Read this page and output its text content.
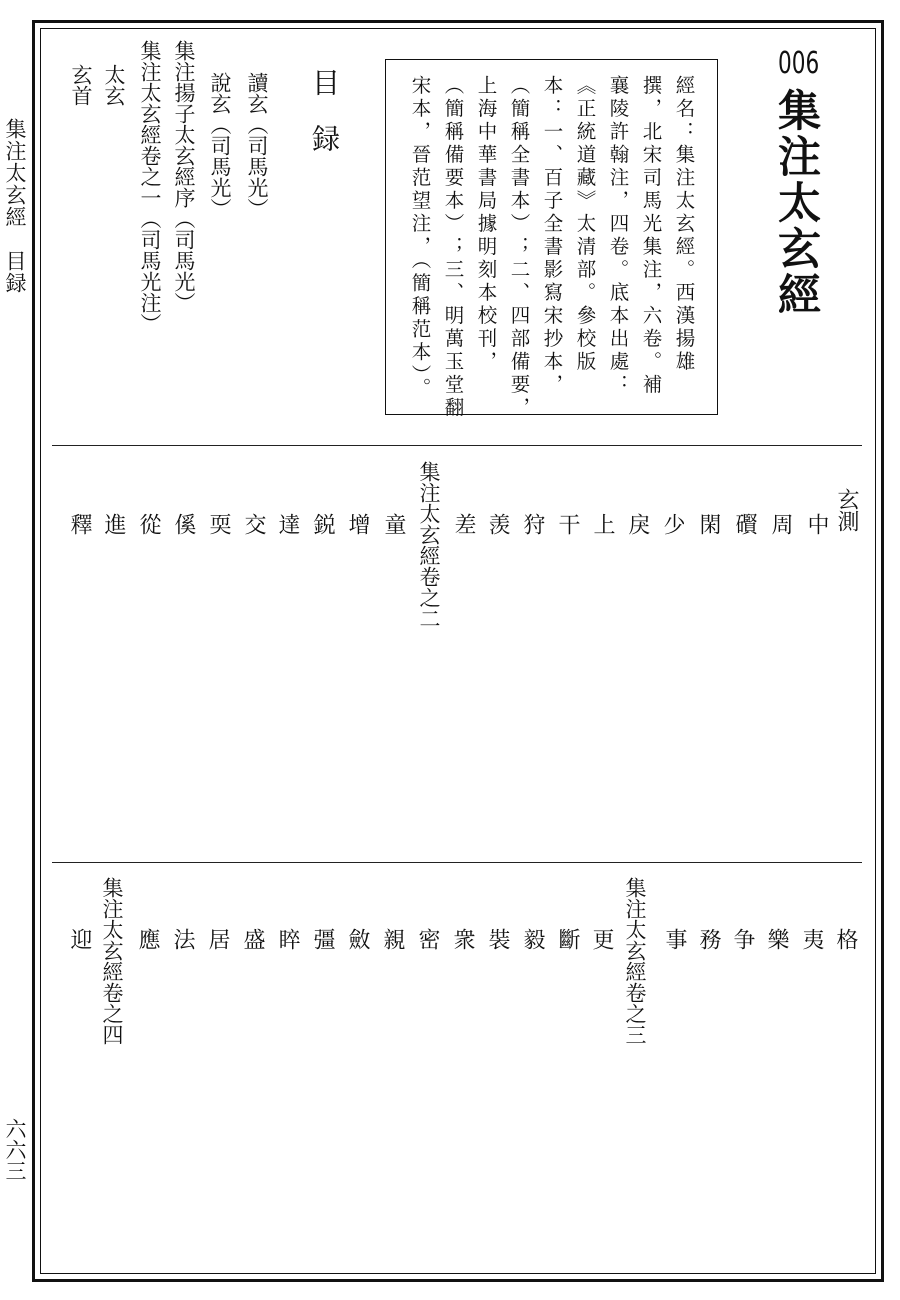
集注太玄經　目録
六六三
006
集注太玄經
經名：集注太玄經。西漢揚雄
撰，北宋司馬光集注，六卷。補
襄陵許翰注，四卷。底本出處：
《正統道藏》太清部。參校版
本：一、百子全書影寫宋抄本，
（簡稱全書本）；二、四部備要，
上海中華書局據明刻本校刊，
（簡稱備要本）；三、明萬玉堂翻
宋本，晉范望注，（簡稱范本）。
目録
讀玄（司馬光）
說玄（司馬光）
集注揚子太玄經序（司馬光）
集注太玄經卷之一（司馬光注）
太玄
玄首
玄測
中
周
礥
閑
少
戾
上
干
狩
羡
差
集注太玄經卷之二
童
增
鋭
達
交
耎
傒
從
進
釋
格
夷
樂
争
務
事
集注太玄經卷之三
更
斷
毅
裝
衆
密
親
斂
彊
睟
盛
居
法
應
集注太玄經卷之四
迎
